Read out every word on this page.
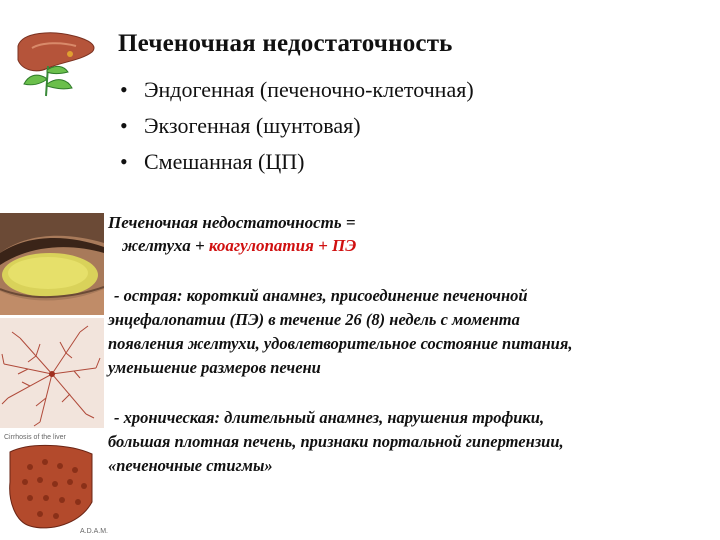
Печеночная недостаточность
• Эндогенная (печеночно-клеточная)
• Экзогенная (шунтовая)
• Смешанная (ЦП)
Cirrhosis of the liver
A.D.A.M.
Печеночная недостаточность =
желтуха + коагулопатия + ПЭ
- острая: короткий анамнез, присоединение печеночной
энцефалопатии (ПЭ) в течение 26 (8) недель с момента
появления желтухи, удовлетворительное состояние питания,
уменьшение размеров печени
- хроническая: длительный анамнез, нарушения трофики,
большая плотная печень, признаки портальной гипертензии,
«печеночные стигмы»
